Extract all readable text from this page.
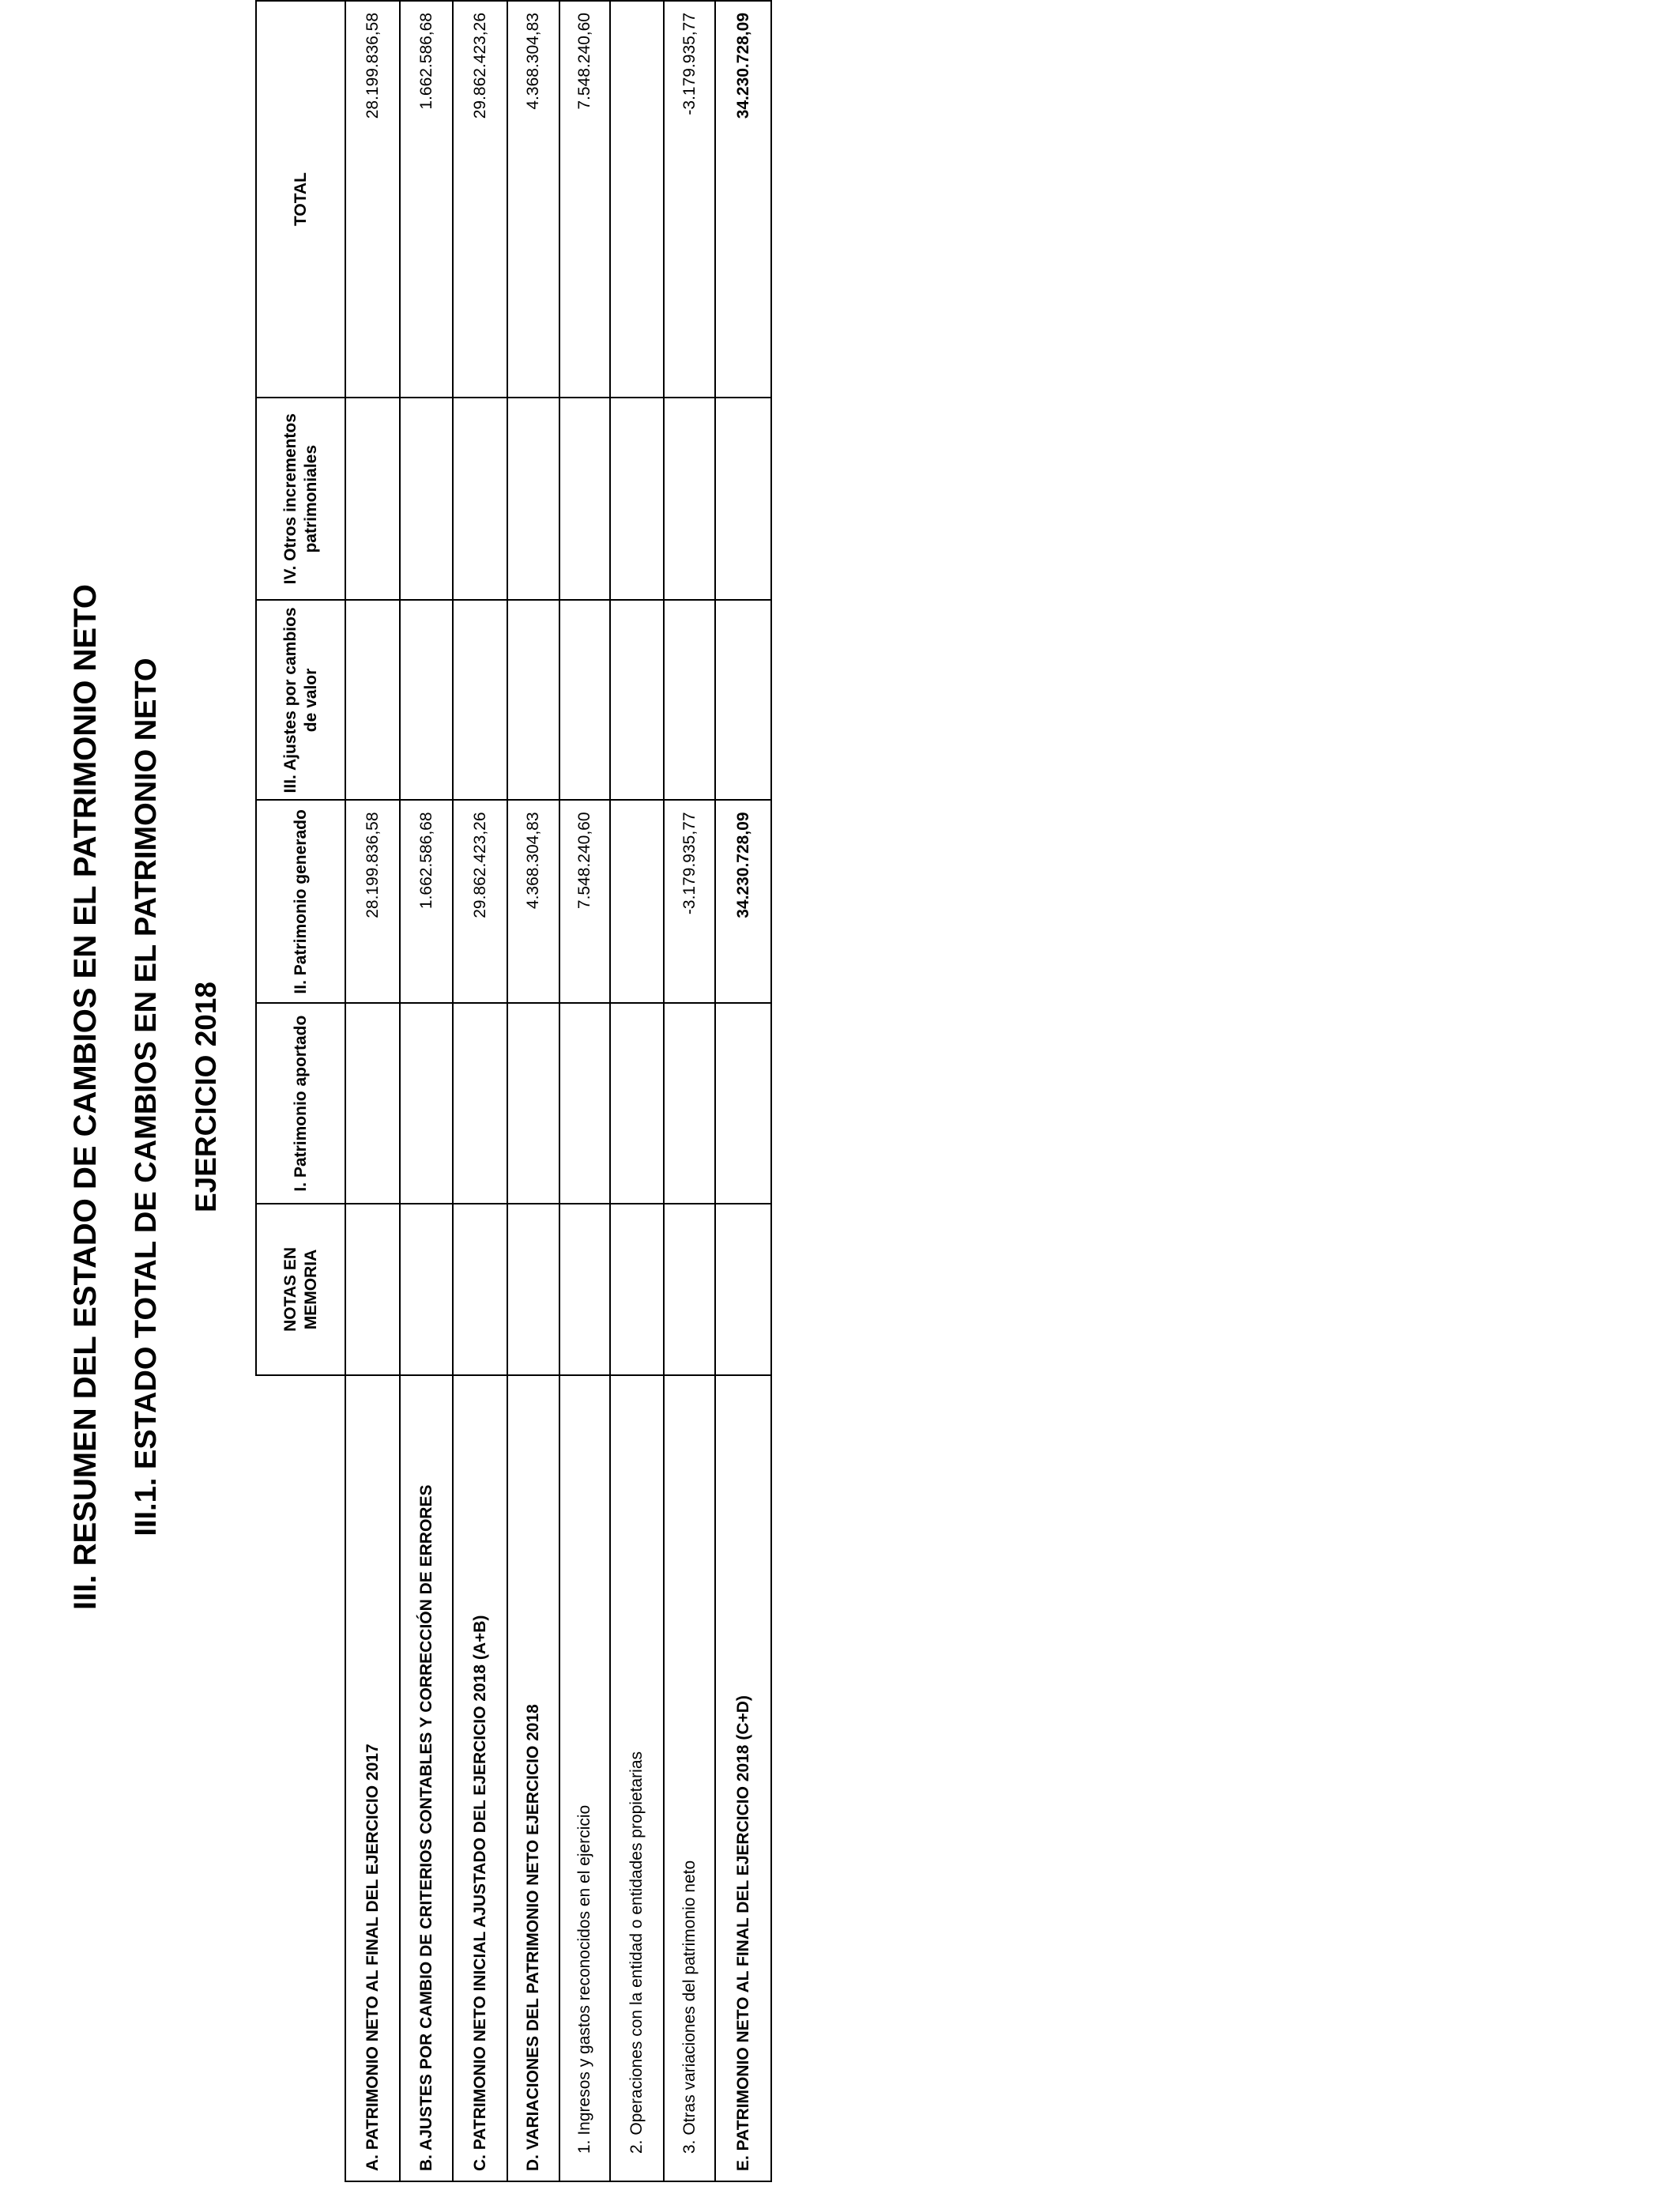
III. RESUMEN DEL ESTADO DE CAMBIOS EN EL PATRIMONIO NETO III.1. ESTADO TOTAL DE CAMBIOS EN EL PATRIMONIO NETO EJERCICIO 2018
	NOTAS EN MEMORIA	I. Patrimonio aportado	II. Patrimonio generado	III. Ajustes por cambios de valor	IV. Otros incrementos patrimoniales	TOTAL
A. PATRIMONIO NETO AL FINAL DEL EJERCICIO 2017			28.199.836,58			28.199.836,58
B. AJUSTES POR CAMBIO DE CRITERIOS CONTABLES Y CORRECCIÓN DE ERRORES			1.662.586,68			1.662.586,68
C. PATRIMONIO NETO INICIAL AJUSTADO DEL EJERCICIO 2018 (A+B)			29.862.423,26			29.862.423,26
D. VARIACIONES DEL PATRIMONIO NETO EJERCICIO 2018			4.368.304,83			4.368.304,83
1. Ingresos y gastos reconocidos en el ejercicio			7.548.240,60			7.548.240,60
2. Operaciones con la entidad o entidades propietarias						
3. Otras variaciones del patrimonio neto			-3.179.935,77			-3.179.935,77
E. PATRIMONIO NETO AL FINAL DEL EJERCICIO 2018 (C+D)			34.230.728,09			34.230.728,09
